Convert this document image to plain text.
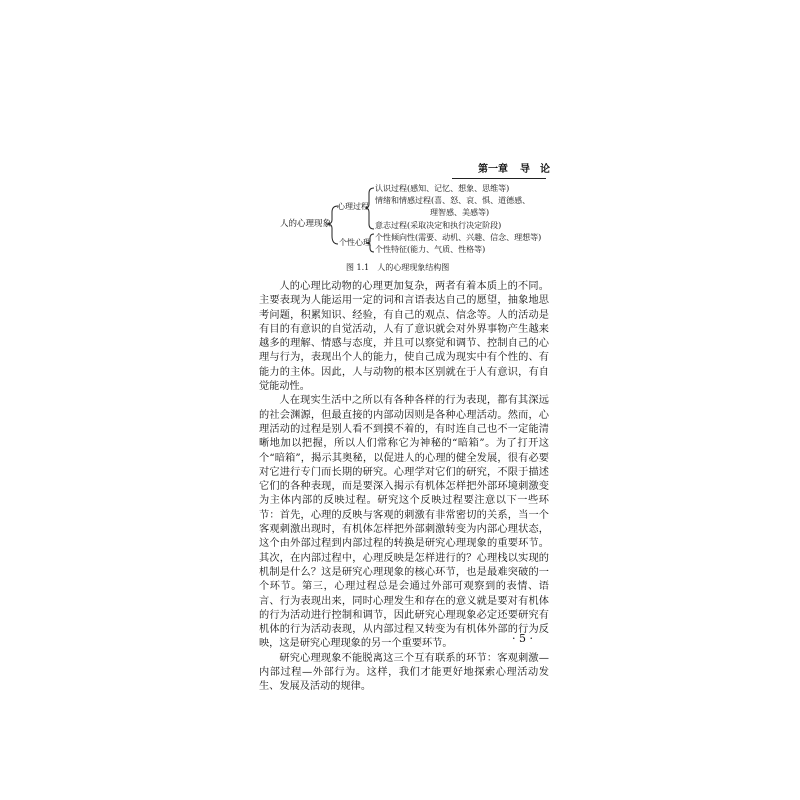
第一章 导 论
人的心理现象
心理过程
个性心理
认识过程(感知、记忆、想象、思维等)
情绪和情感过程(喜、怒、哀、惧、道德感、
理智感、美感等)
意志过程(采取决定和执行决定阶段)
个性倾向性(需要、动机、兴趣、信念、理想等)
个性特征(能力、气质、性格等)
图 1.1　人的心理现象结构图

人的心理比动物的心理更加复杂，两者有着本质上的不同。主要表现为人能运用一定的词和言语表达自己的愿望，抽象地思考问题，积累知识、经验，有自己的观点、信念等。人的活动是有目的有意识的自觉活动，人有了意识就会对外界事物产生越来越多的理解、情感与态度，并且可以察觉和调节、控制自己的心理与行为，表现出个人的能力，使自己成为现实中有个性的、有能力的主体。因此，人与动物的根本区别就在于人有意识，有自觉能动性。

人在现实生活中之所以有各种各样的行为表现，都有其深远的社会渊源，但最直接的内部动因则是各种心理活动。然而，心理活动的过程是别人看不到摸不着的，有时连自己也不一定能清晰地加以把握，所以人们常称它为神秘的“暗箱”。为了打开这个“暗箱”，揭示其奥秘，以促进人的心理的健全发展，很有必要对它进行专门而长期的研究。心理学对它们的研究，不限于描述它们的各种表现，而是要深入揭示有机体怎样把外部环境刺激变为主体内部的反映过程。研究这个反映过程要注意以下一些环节：首先，心理的反映与客观的刺激有非常密切的关系，当一个客观刺激出现时，有机体怎样把外部刺激转变为内部心理状态，这个由外部过程到内部过程的转换是研究心理现象的重要环节。其次，在内部过程中，心理反映是怎样进行的？心理栈以实现的机制是什么？这是研究心理现象的核心环节，也是最难突破的一个环节。第三，心理过程总是会通过外部可观察到的表情、语言、行为表现出来，同时心理发生和存在的意义就是要对有机体的行为活动进行控制和调节，因此研究心理现象必定还要研究有机体的行为活动表现，从内部过程又转变为有机体外部的行为反映，这是研究心理现象的另一个重要环节。

研究心理现象不能脱离这三个互有联系的环节：客观刺激—内部过程—外部行为。这样，我们才能更好地探索心理活动发生、发展及活动的规律。

· 5 ·
